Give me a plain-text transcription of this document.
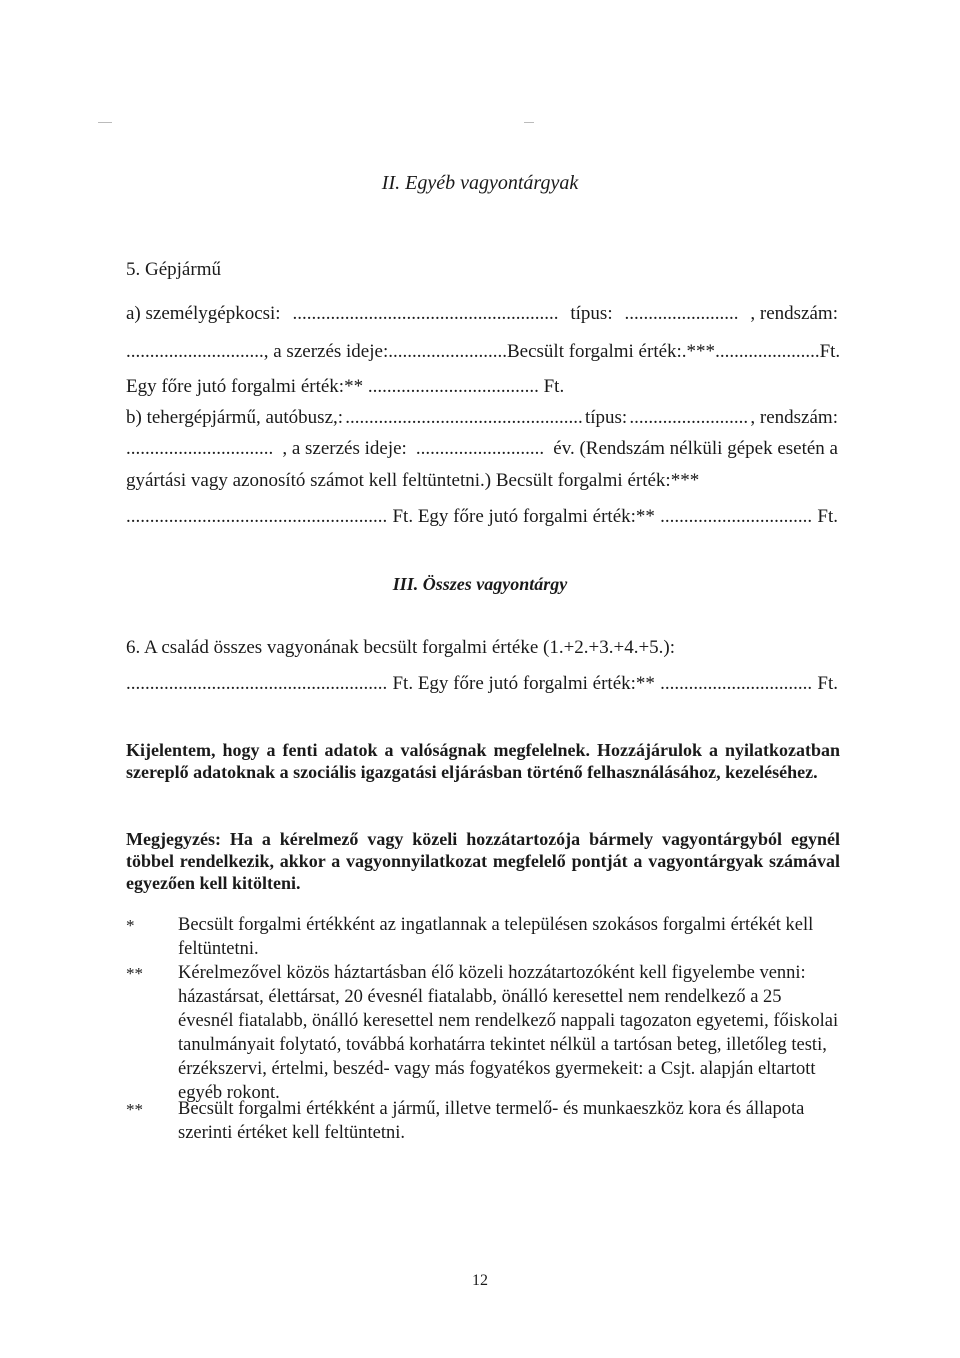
II. Egyéb vagyontárgyak
5. Gépjármű
a) személygépkocsi: ........................................................ típus: ........................ , rendszám:
............................. , a szerzés ideje: ......................... Becsült forgalmi érték:.*** ...................... Ft.
Egy főre jutó forgalmi érték:** .................................... Ft.
b) tehergépjármű, autóbusz,: .................................................. típus: ......................... , rendszám:
............................... , a szerzés ideje: ........................... év. (Rendszám nélküli gépek esetén a
gyártási vagy azonosító számot kell feltüntetni.) Becsült forgalmi érték:***
....................................................... Ft. Egy főre jutó forgalmi érték:** ................................ Ft.
III. Összes vagyontárgy
6. A család összes vagyonának becsült forgalmi értéke (1.+2.+3.+4.+5.):
....................................................... Ft. Egy főre jutó forgalmi érték:** ................................ Ft.
Kijelentem, hogy a fenti adatok a valóságnak megfelelnek. Hozzájárulok a nyilatkozatban szereplő adatoknak a szociális igazgatási eljárásban történő felhasználásához, kezeléséhez.
Megjegyzés: Ha a kérelmező vagy közeli hozzátartozója bármely vagyontárgyból egynél többel rendelkezik, akkor a vagyonnyilatkozat megfelelő pontját a vagyontárgyak számával egyezően kell kitölteni.
* Becsült forgalmi értékként az ingatlannak a településen szokásos forgalmi értékét kell feltüntetni.
** Kérelmezővel közös háztartásban élő közeli hozzátartozóként kell figyelembe venni: házastársat, élettársat, 20 évesnél fiatalabb, önálló keresettel nem rendelkező a 25 évesnél fiatalabb, önálló keresettel nem rendelkező nappali tagozaton egyetemi, főiskolai tanulmányait folytató, továbbá korhatárra tekintet nélkül a tartósan beteg, illetőleg testi, érzékszervi, értelmi, beszéd- vagy más fogyatékos gyermekeit: a Csjt. alapján eltartott egyéb rokont.
** Becsült forgalmi értékként a jármű, illetve termelő- és munkaeszköz kora és állapota szerinti értéket kell feltüntetni.
12
